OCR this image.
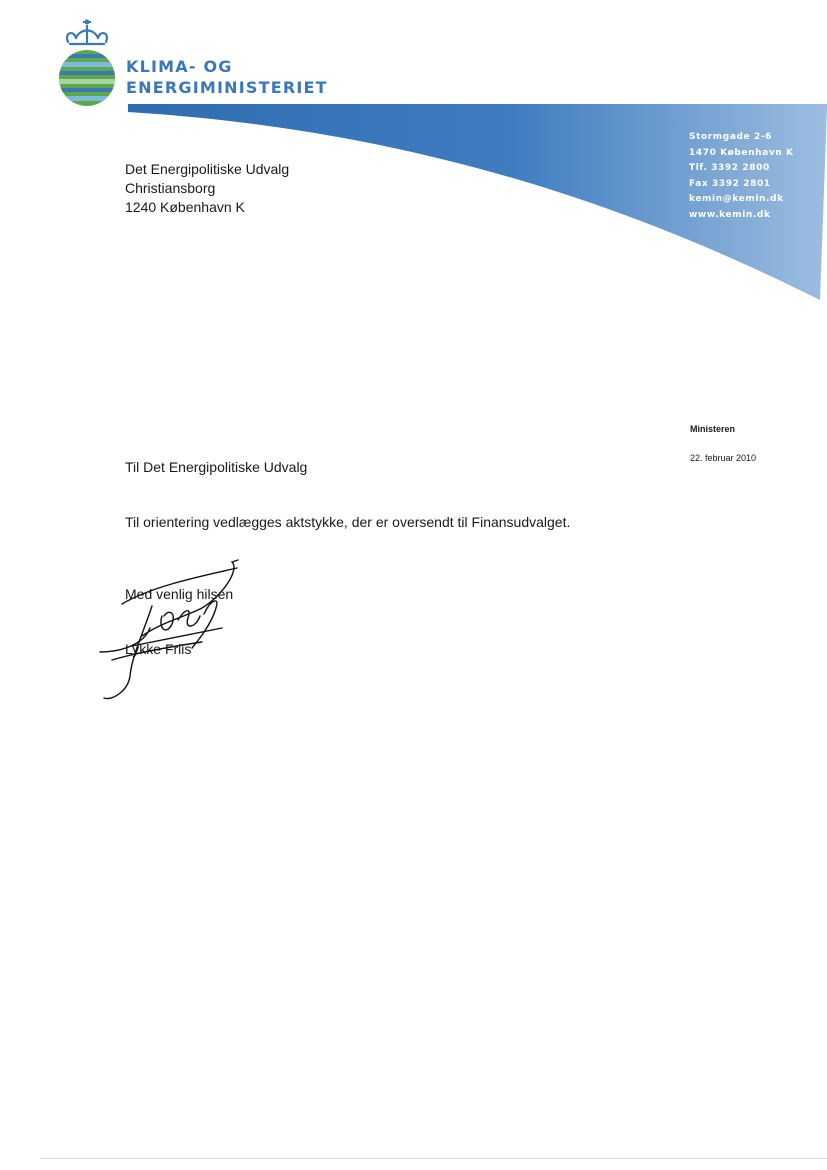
KLIMA- OG
ENERGIMINISTERIET
Stormgade 2-6
1470 København K
Tlf. 3392 2800
Fax 3392 2801
kemin@kemin.dk
www.kemin.dk
Det Energipolitiske Udvalg
Christiansborg
1240 København K
Ministeren
22. februar 2010
Til Det Energipolitiske Udvalg
Til orientering vedlægges aktstykke, der er oversendt til Finansudvalget.
Med venlig hilsen
Lykke Friis
